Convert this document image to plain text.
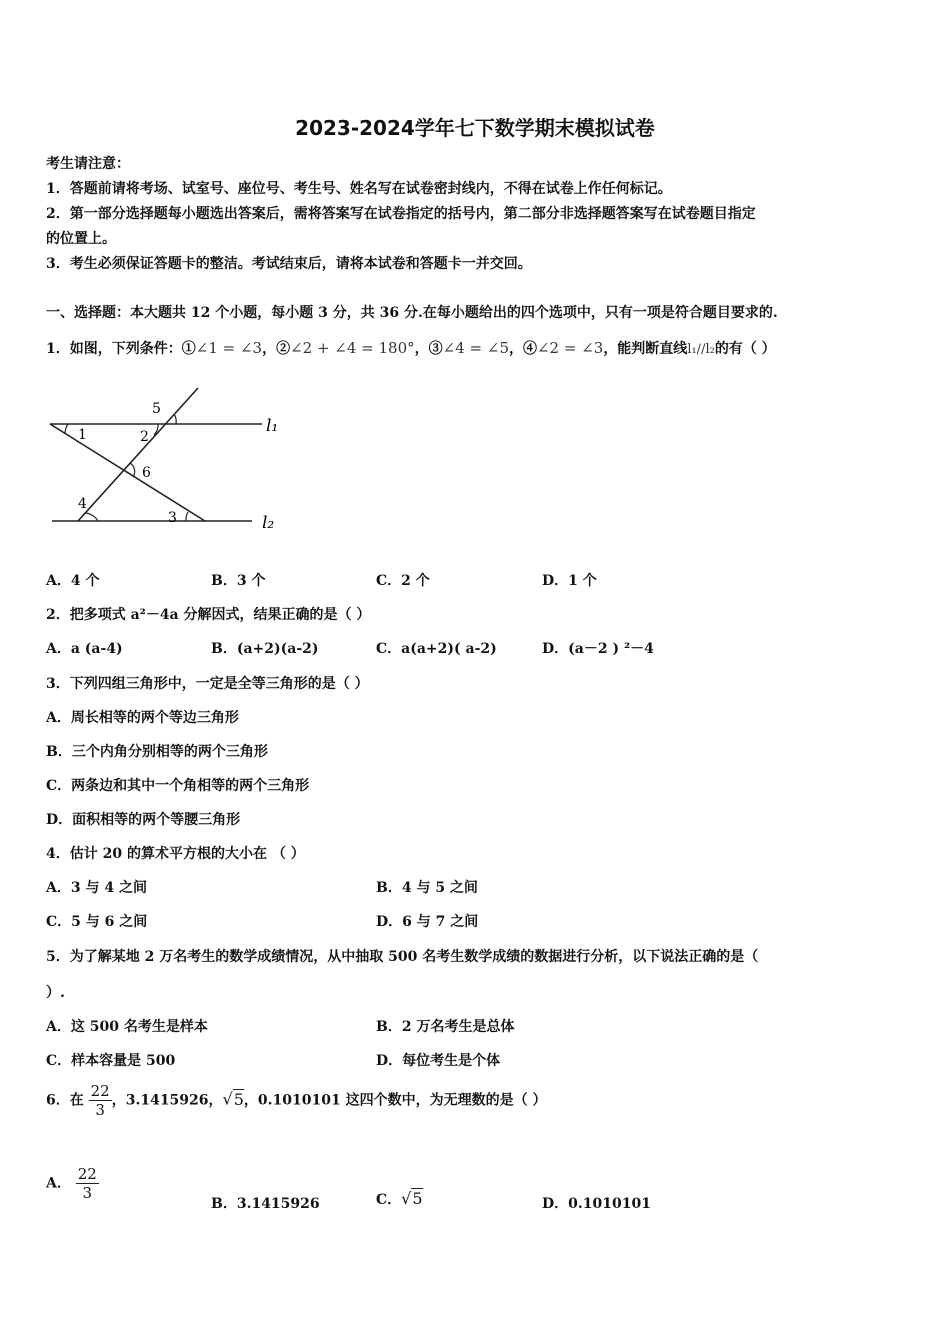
2023-2024学年七下数学期末模拟试卷
考生请注意：
1．答题前请将考场、试室号、座位号、考生号、姓名写在试卷密封线内，不得在试卷上作任何标记。
2．第一部分选择题每小题选出答案后，需将答案写在试卷指定的括号内，第二部分非选择题答案写在试卷题目指定
的位置上。
3．考生必须保证答题卡的整洁。考试结束后，请将本试卷和答题卡一并交回。
一、选择题：本大题共 12 个小题，每小题 3 分，共 36 分.在每小题给出的四个选项中，只有一项是符合题目要求的.
1．如图，下列条件：①∠1 = ∠3，②∠2 + ∠4 = 180°，③∠4 = ∠5，④∠2 = ∠3，能判断直线l₁//l₂的有（ ）
1	2
3
4
5
6
l₁
l₂
A．4 个	B．3 个	C．2 个	D．1 个
2．把多项式 a²－4a 分解因式，结果正确的是（ ）
A．a (a-4)	B．(a+2)(a-2)	C．a(a+2)( a-2)	D．(a－2 ) ²－4
3．下列四组三角形中，一定是全等三角形的是（ ）
A．周长相等的两个等边三角形
B．三个内角分别相等的两个三角形
C．两条边和其中一个角相等的两个三角形
D．面积相等的两个等腰三角形
4．估计 20 的算术平方根的大小在 （ ）
A．3 与 4 之间	B．4 与 5 之间
C．5 与 6 之间	D．6 与 7 之间
5．为了解某地 2 万名考生的数学成绩情况，从中抽取 500 名考生数学成绩的数据进行分析，以下说法正确的是（
）.
A．这 500 名考生是样本	B．2 万名考生是总体
C．样本容量是 500	D．每位考生是个体
6．在 $\frac{22}{3}$ ，3.1415926，√5，0.1010101 这四个数中，为无理数的是（ ）
A． $\frac{22}{3}$
B．3.1415926	C．√5	D．0.1010101
